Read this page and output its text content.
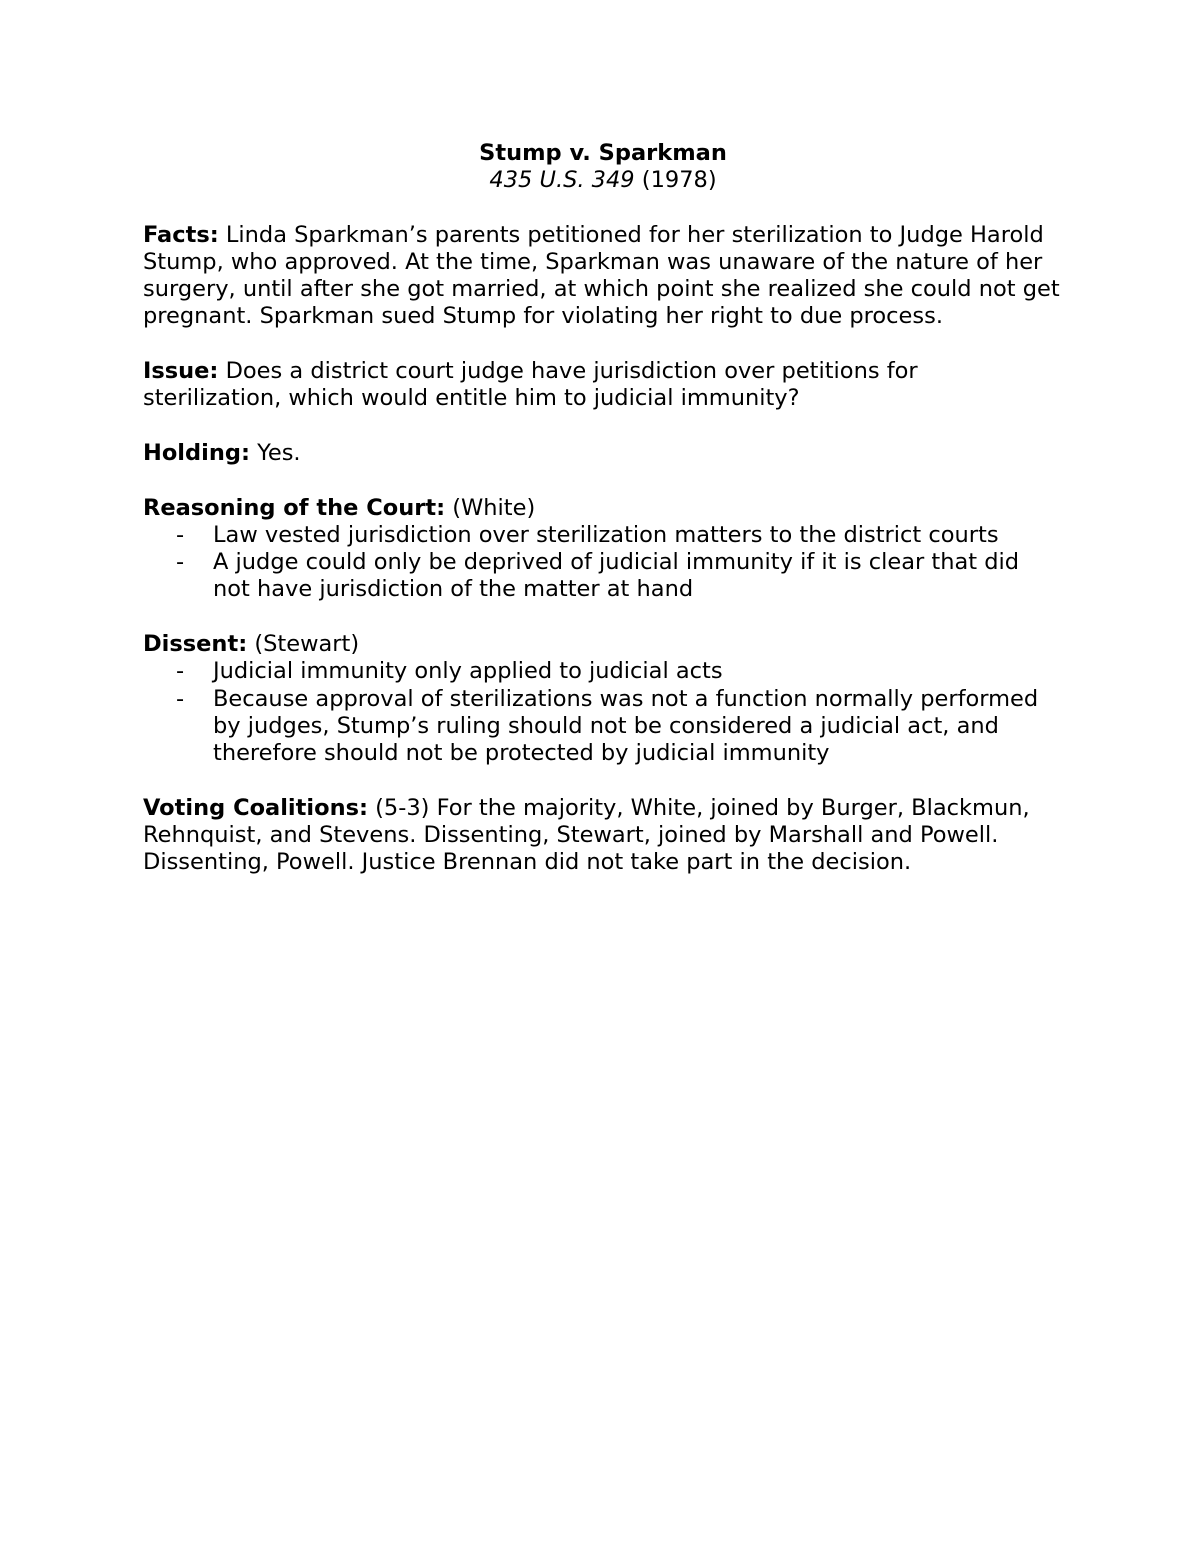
Stump v. Sparkman
435 U.S. 349 (1978)

Facts: Linda Sparkman’s parents petitioned for her sterilization to Judge Harold Stump, who approved. At the time, Sparkman was unaware of the nature of her surgery, until after she got married, at which point she realized she could not get pregnant. Sparkman sued Stump for violating her right to due process.

Issue: Does a district court judge have jurisdiction over petitions for sterilization, which would entitle him to judicial immunity?

Holding: Yes.

Reasoning of the Court: (White)
- Law vested jurisdiction over sterilization matters to the district courts
- A judge could only be deprived of judicial immunity if it is clear that did not have jurisdiction of the matter at hand
Dissent: (Stewart)
- Judicial immunity only applied to judicial acts
- Because approval of sterilizations was not a function normally performed by judges, Stump’s ruling should not be considered a judicial act, and therefore should not be protected by judicial immunity

Voting Coalitions: (5-3) For the majority, White, joined by Burger, Blackmun, Rehnquist, and Stevens. Dissenting, Stewart, joined by Marshall and Powell. Dissenting, Powell. Justice Brennan did not take part in the decision.
